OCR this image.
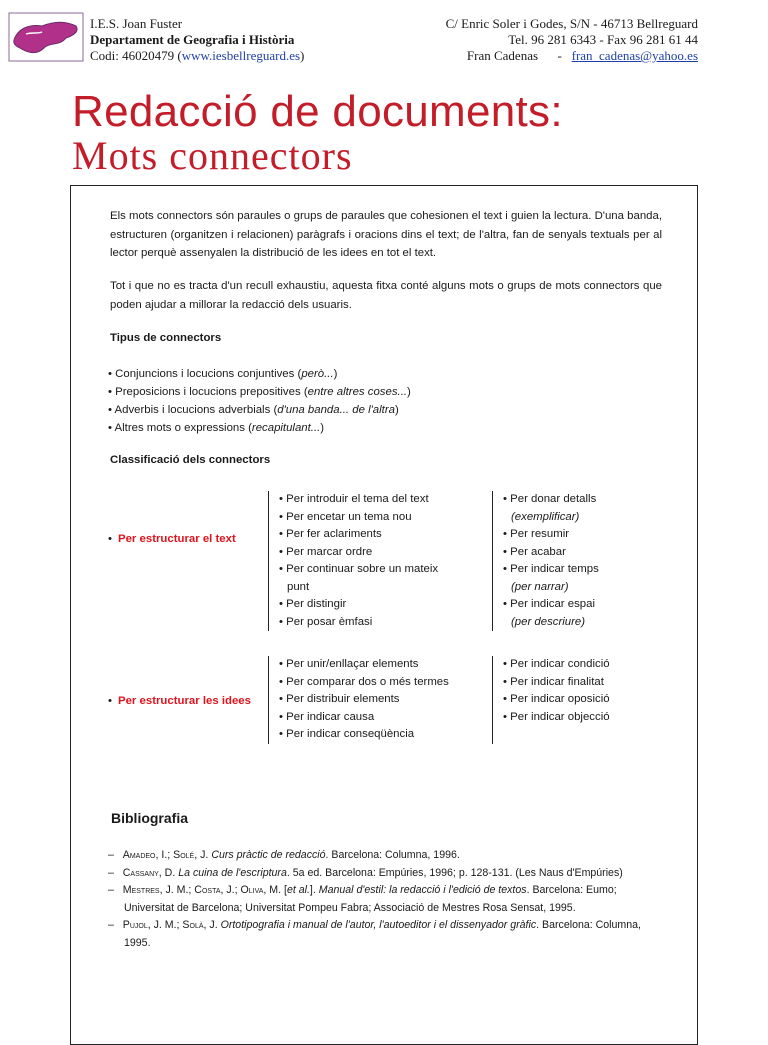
I.E.S. Joan Fuster
Departament de Geografia i Història
Codi: 46020479 (www.iesbellreguard.es)
C/ Enric Soler i Godes, S/N - 46713 Bellreguard
Tel. 96 281 6343 - Fax 96 281 61 44
Fran Cadenas      -   fran_cadenas@yahoo.es
Redacció de documents:
Mots connectors
Els mots connectors són paraules o grups de paraules que cohesionen el text i guien la lectura. D'una banda, estructuren (organitzen i relacionen) paràgrafs i oracions dins el text; de l'altra, fan de senyals textuals per al lector perquè assenyalen la distribució de les idees en tot el text.
Tot i que no es tracta d'un recull exhaustiu, aquesta fitxa conté alguns mots o grups de mots connectors que poden ajudar a millorar la redacció dels usuaris.
Tipus de connectors
• Conjuncions i locucions conjuntives (però...)
• Preposicions i locucions prepositives (entre altres coses...)
• Adverbis i locucions adverbials (d'una banda... de l'altra)
• Altres mots o expressions (recapitulant...)
Classificació dels connectors
• Per estructurar el text
• Per introduir el tema del text
• Per encetar un tema nou
• Per fer aclariments
• Per marcar ordre
• Per continuar sobre un mateix
punt
• Per distingir
• Per posar èmfasi
• Per donar detalls
(exemplificar)
• Per resumir
• Per acabar
• Per indicar temps
(per narrar)
• Per indicar espai
(per descriure)
• Per estructurar les idees
• Per unir/enllaçar elements
• Per comparar dos o més termes
• Per distribuir elements
• Per indicar causa
• Per indicar conseqüència
• Per indicar condició
• Per indicar finalitat
• Per indicar oposició
• Per indicar objecció
Bibliografia
– Amadeo, I.; Solé, J. Curs pràctic de redacció. Barcelona: Columna, 1996.
– Cassany, D. La cuina de l'escriptura. 5a ed. Barcelona: Empúries, 1996; p. 128-131. (Les Naus d'Empúries)
– Mestres, J. M.; Costa, J.; Oliva, M. [et al.]. Manual d'estil: la redacció i l'edició de textos. Barcelona: Eumo; Universitat de Barcelona; Universitat Pompeu Fabra; Associació de Mestres Rosa Sensat, 1995.
– Pujol, J. M.; Solà, J. Ortotipografia i manual de l'autor, l'autoeditor i el dissenyador gràfic. Barcelona: Columna, 1995.
